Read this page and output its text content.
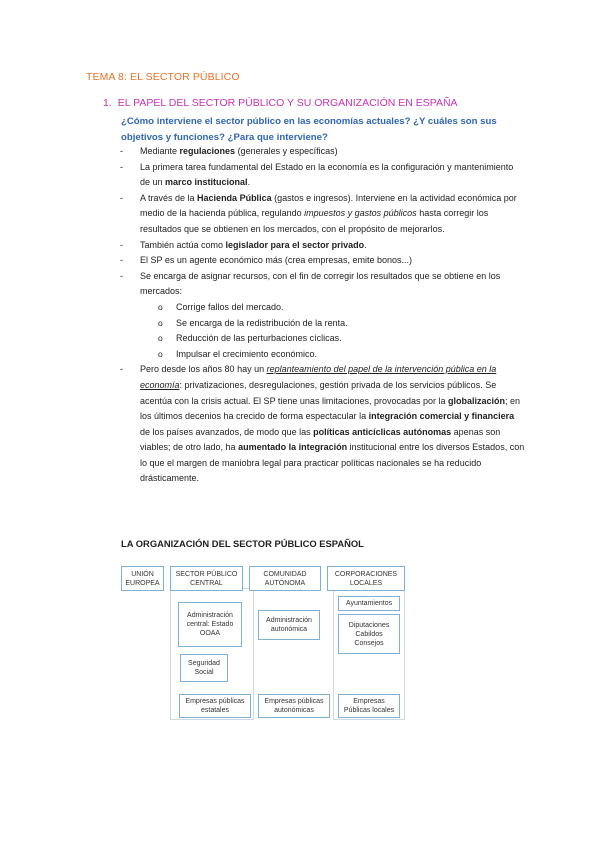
TEMA 8: EL SECTOR PÚBLICO
1. EL PAPEL DEL SECTOR PÚBLICO Y SU ORGANIZACIÓN EN ESPAÑA
¿Cómo interviene el sector público en las economías actuales? ¿Y cuáles son sus objetivos y funciones? ¿Para que interviene?
- Mediante regulaciones (generales y específicas)
- La primera tarea fundamental del Estado en la economía es la configuración y mantenimiento de un marco institucional.
- A través de la Hacienda Pública (gastos e ingresos). Interviene en la actividad económica por medio de la hacienda pública, regulando impuestos y gastos públicos hasta corregir los resultados que se obtienen en los mercados, con el propósito de mejorarlos.
- También actúa como legislador para el sector privado.
- El SP es un agente económico más (crea empresas, emite bonos...)
- Se encarga de asignar recursos, con el fin de corregir los resultados que se obtiene en los mercados:
o Corrige fallos del mercado.
o Se encarga de la redistribución de la renta.
o Reducción de las perturbaciones cíclicas.
o Impulsar el crecimiento económico.
- Pero desde los años 80 hay un replanteamiento del papel de la intervención pública en la economía: privatizaciones, desregulaciones, gestión privada de los servicios públicos. Se acentúa con la crisis actual. El SP tiene unas limitaciones, provocadas por la globalización; en los últimos decenios ha crecido de forma espectacular la integración comercial y financiera de los países avanzados, de modo que las políticas anticíclicas autónomas apenas son viables; de otro lado, ha aumentado la integración institucional entre los diversos Estados, con lo que el margen de maniobra legal para practicar políticas nacionales se ha reducido drásticamente.
LA ORGANIZACIÓN DEL SECTOR PÚBLICO ESPAÑOL
UNIÓN EUROPEA
SECTOR PÚBLICO CENTRAL
COMUNIDAD AUTÓNOMA
CORPORACIONES LOCALES
Administración central: Estado OOAA
Seguridad Social
Empresas públicas estatales
Administración autonómica
Empresas públicas autonómicas
Ayuntamientos
Diputaciones Cabildos Consejos
Empresas Públicas locales
